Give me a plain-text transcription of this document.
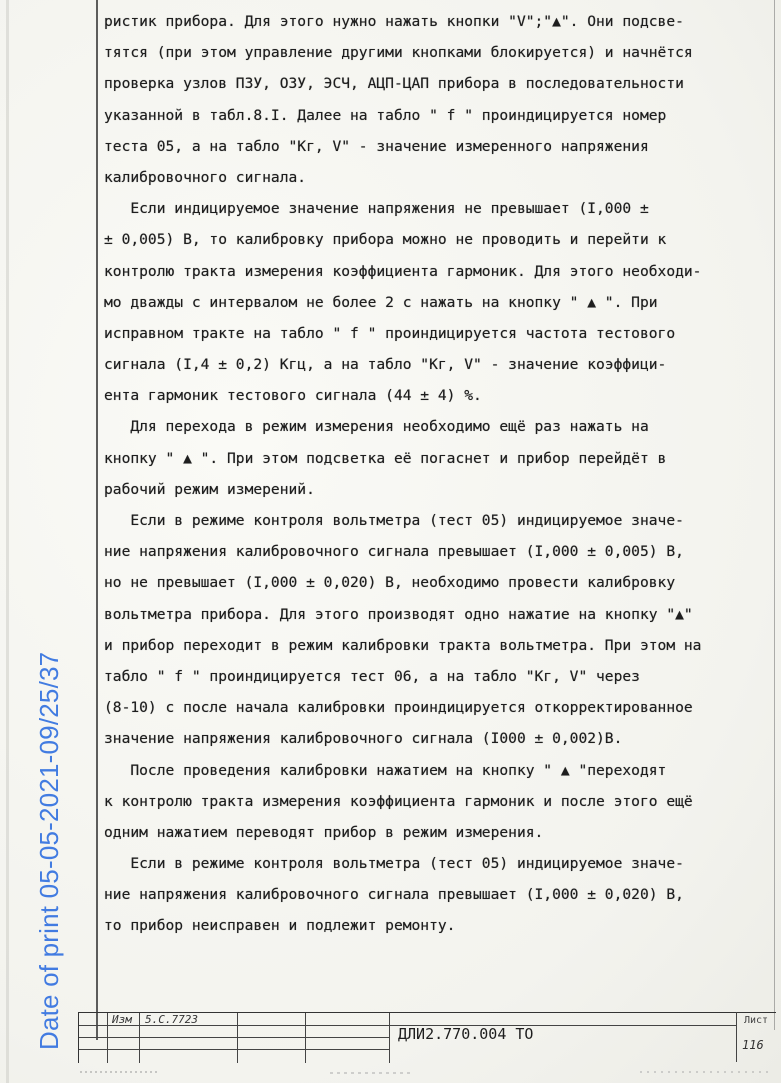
Date of print 05-05-2021-09/25/37
ристик прибора. Для этого нужно нажать кнопки "V";"▲". Они подсве-
тятся (при этом управление другими кнопками блокируется) и начнётся
проверка узлов ПЗУ, ОЗУ, ЭСЧ, АЦП-ЦАП прибора в последовательности
указанной в табл.8.I. Далее на табло " f " проиндицируется номер
теста 05, а на табло "Кг, V" - значение измеренного напряжения
калибровочного сигнала.
Если индицируемое значение напряжения не превышает (I,000 ±
± 0,005) В, то калибровку прибора можно не проводить и перейти к
контролю тракта измерения коэффициента гармоник. Для этого необходи-
мо дважды с интервалом не более 2 с нажать на кнопку " ▲ ". При
исправном тракте на табло " f " проиндицируется частота тестового
сигнала (I,4 ± 0,2) Кгц, а на табло "Кг, V" - значение коэффици-
ента гармоник тестового сигнала (44 ± 4) %.
Для перехода в режим измерения необходимо ещё раз нажать на
кнопку " ▲ ". При этом подсветка её погаснет и прибор перейдёт в
рабочий режим измерений.
Если в режиме контроля вольтметра (тест 05) индицируемое значе-
ние напряжения калибровочного сигнала превышает (I,000 ± 0,005) В,
но не превышает (I,000 ± 0,020) В, необходимо провести калибровку
вольтметра прибора. Для этого производят одно нажатие на кнопку "▲"
и прибор переходит в режим калибровки тракта вольтметра. При этом на
табло " f " проиндицируется тест 06, а на табло "Кг, V" через
(8-10) с после начала калибровки проиндицируется откорректированное
значение напряжения калибровочного сигнала (I000 ± 0,002)В.
После проведения калибровки нажатием на кнопку " ▲ "переходят
к контролю тракта измерения коэффициента гармоник и после этого ещё
одним нажатием переводят прибор в режим измерения.
Если в режиме контроля вольтметра (тест 05) индицируемое значе-
ние напряжения калибровочного сигнала превышает (I,000 ± 0,020) В,
то прибор неисправен и подлежит ремонту.
Изм 5.С.7723
ДЛИ2.770.004 ТО
Лист
116
